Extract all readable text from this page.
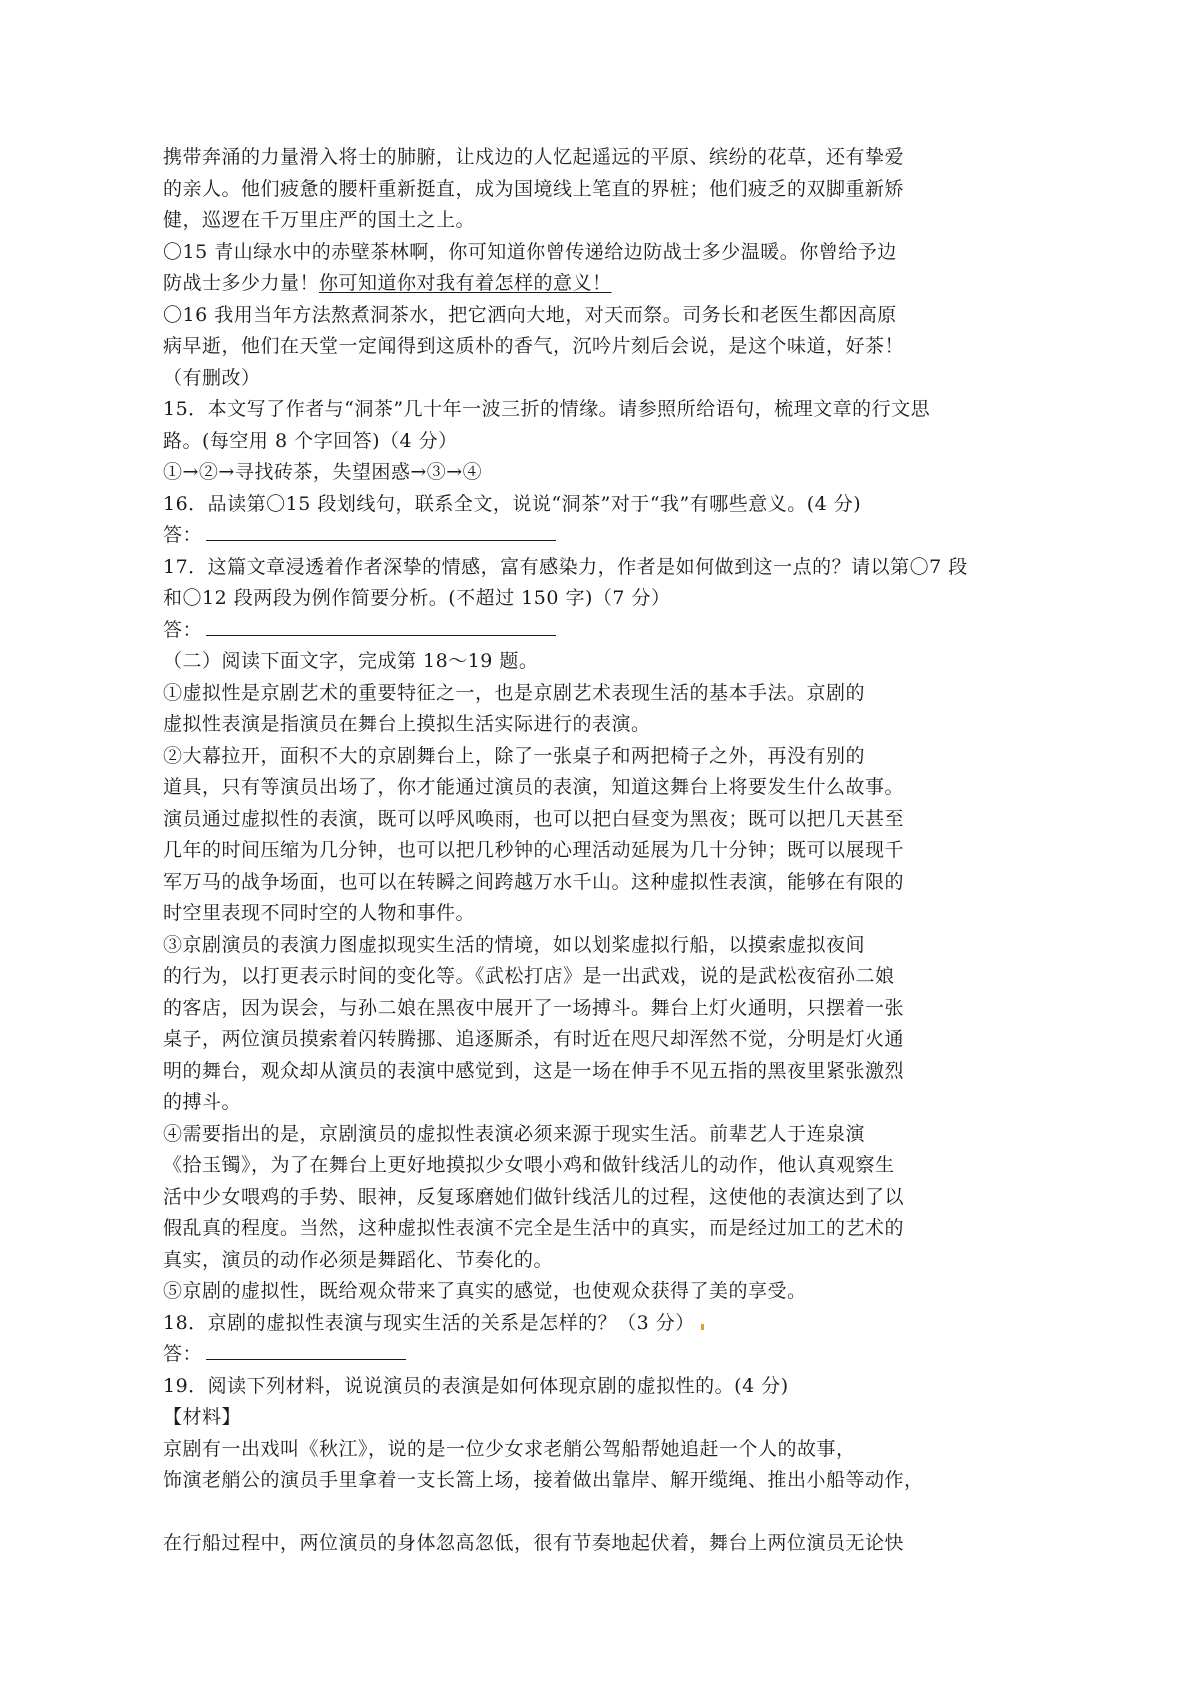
携带奔涌的力量滑入将士的肺腑，让戍边的人忆起遥远的平原、缤纷的花草，还有挚爱
的亲人。他们疲惫的腰杆重新挺直，成为国境线上笔直的界桩；他们疲乏的双脚重新矫
健，巡逻在千万里庄严的国土之上。
〇15 青山绿水中的赤壁茶林啊，你可知道你曾传递给边防战士多少温暖。你曾给予边
防战士多少力量！你可知道你对我有着怎样的意义！
〇16 我用当年方法熬煮洞茶水，把它洒向大地，对天而祭。司务长和老医生都因高原
病早逝，他们在天堂一定闻得到这质朴的香气，沉吟片刻后会说，是这个味道，好茶！
（有删改）
15．本文写了作者与“洞茶”几十年一波三折的情缘。请参照所给语句，梳理文章的行文思
路。(每空用 8 个字回答)（4 分）
①→②→寻找砖茶，失望困惑→③→④
16．品读第〇15 段划线句，联系全文，说说“洞茶”对于“我”有哪些意义。(4 分)
答：
17．这篇文章浸透着作者深挚的情感，富有感染力，作者是如何做到这一点的？请以第〇7 段
和〇12 段两段为例作简要分析。(不超过 150 字)（7 分）
答：
（二）阅读下面文字，完成第 18～19 题。
①虚拟性是京剧艺术的重要特征之一，也是京剧艺术表现生活的基本手法。京剧的
虚拟性表演是指演员在舞台上摸拟生活实际进行的表演。
②大幕拉开，面积不大的京剧舞台上，除了一张桌子和两把椅子之外，再没有别的
道具，只有等演员出场了，你才能通过演员的表演，知道这舞台上将要发生什么故事。
演员通过虚拟性的表演，既可以呼风唤雨，也可以把白昼变为黑夜；既可以把几天甚至
几年的时间压缩为几分钟，也可以把几秒钟的心理活动延展为几十分钟；既可以展现千
军万马的战争场面，也可以在转瞬之间跨越万水千山。这种虚拟性表演，能够在有限的
时空里表现不同时空的人物和事件。
③京剧演员的表演力图虚拟现实生活的情境，如以划桨虚拟行船，以摸索虚拟夜间
的行为，以打更表示时间的变化等。《武松打店》是一出武戏，说的是武松夜宿孙二娘
的客店，因为误会，与孙二娘在黑夜中展开了一场搏斗。舞台上灯火通明，只摆着一张
桌子，两位演员摸索着闪转腾挪、追逐厮杀，有时近在咫尺却浑然不觉，分明是灯火通
明的舞台，观众却从演员的表演中感觉到，这是一场在伸手不见五指的黑夜里紧张激烈
的搏斗。
④需要指出的是，京剧演员的虚拟性表演必须来源于现实生活。前辈艺人于连泉演
《拾玉镯》，为了在舞台上更好地摸拟少女喂小鸡和做针线活儿的动作，他认真观察生
活中少女喂鸡的手势、眼神，反复琢磨她们做针线活儿的过程，这使他的表演达到了以
假乱真的程度。当然，这种虚拟性表演不完全是生活中的真实，而是经过加工的艺术的
真实，演员的动作必须是舞蹈化、节奏化的。
⑤京剧的虚拟性，既给观众带来了真实的感觉，也使观众获得了美的享受。
18．京剧的虚拟性表演与现实生活的关系是怎样的？（3 分）
答：
19．阅读下列材料，说说演员的表演是如何体现京剧的虚拟性的。(4 分)
【材料】
京剧有一出戏叫《秋江》，说的是一位少女求老艄公驾船帮她追赶一个人的故事，
饰演老艄公的演员手里拿着一支长篙上场，接着做出靠岸、解开缆绳、推出小船等动作，
在行船过程中，两位演员的身体忽高忽低，很有节奏地起伏着，舞台上两位演员无论快
